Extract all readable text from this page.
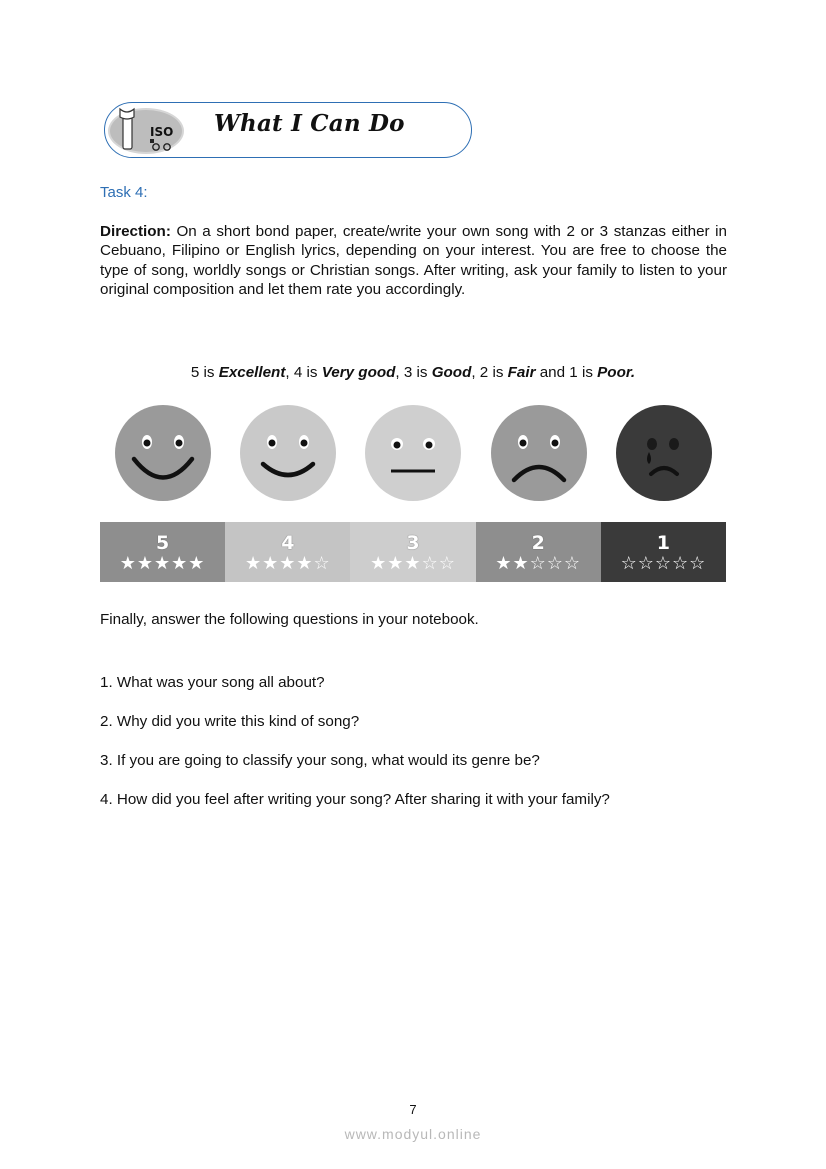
ISO What I Can Do
Task 4:
Direction: On a short bond paper, create/write your own song with 2 or 3 stanzas either in Cebuano, Filipino or English lyrics, depending on your interest. You are free to choose the type of song, worldly songs or Christian songs. After writing, ask your family to listen to your original composition and let them rate you accordingly.
5 is Excellent, 4 is Very good, 3 is Good, 2 is Fair and 1 is Poor.
5
★★★★★
4
★★★★☆
3
★★★☆☆
2
★★☆☆☆
1
☆☆☆☆☆
Finally, answer the following questions in your notebook.
1. What was your song all about?
2. Why did you write this kind of song?
3. If you are going to classify your song, what would its genre be?
4. How did you feel after writing your song? After sharing it with your family?
7
www.modyul.online
